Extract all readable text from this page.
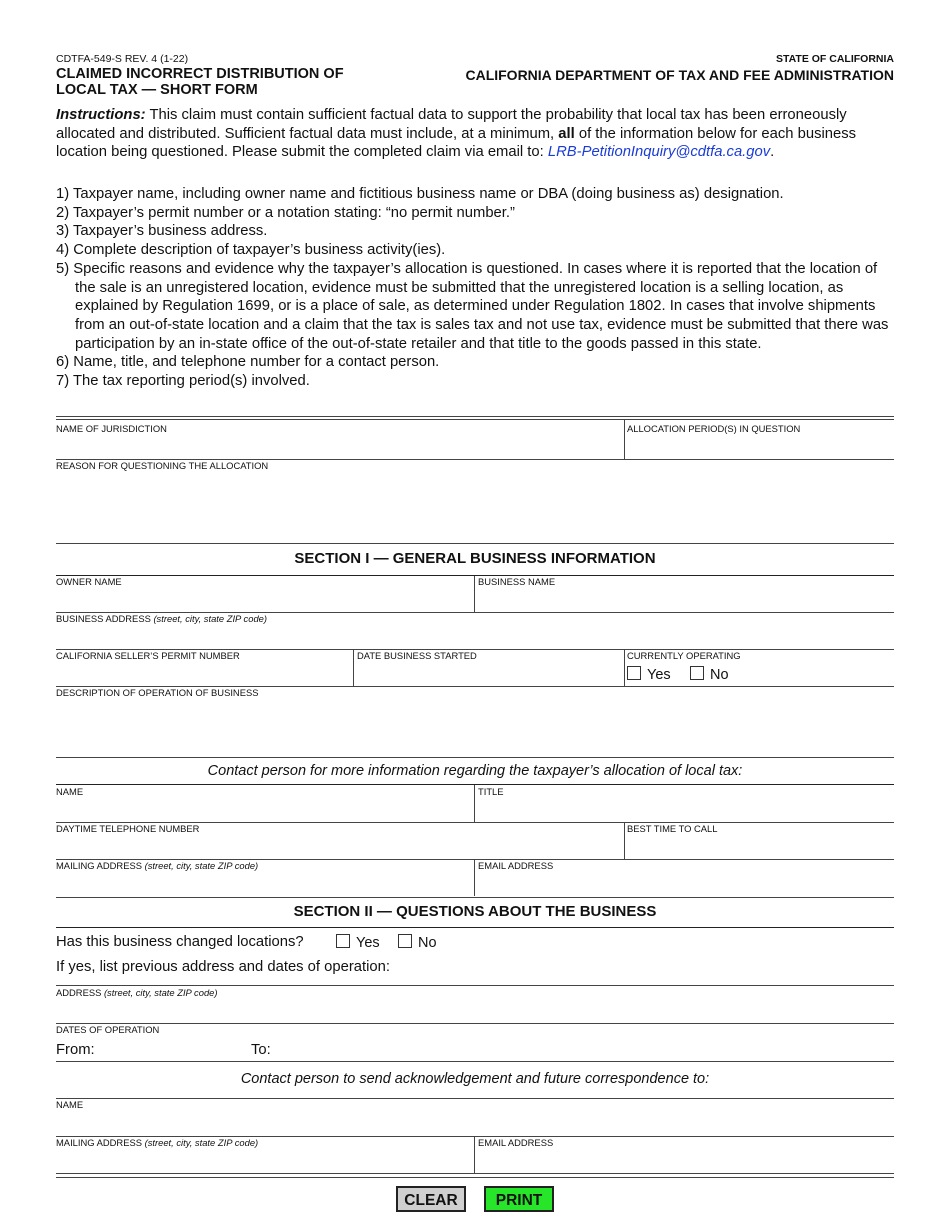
CDTFA-549-S REV. 4 (1-22)
CLAIMED INCORRECT DISTRIBUTION OF
LOCAL TAX — SHORT FORM
STATE OF CALIFORNIA
CALIFORNIA DEPARTMENT OF TAX AND FEE ADMINISTRATION
Instructions: This claim must contain sufficient factual data to support the probability that local tax has been erroneously allocated and distributed. Sufficient factual data must include, at a minimum, all of the information below for each business location being questioned. Please submit the completed claim via email to: LRB-PetitionInquiry@cdtfa.ca.gov.
1) Taxpayer name, including owner name and fictitious business name or DBA (doing business as) designation.
2) Taxpayer’s permit number or a notation stating: “no permit number.”
3) Taxpayer’s business address.
4) Complete description of taxpayer’s business activity(ies).
5) Specific reasons and evidence why the taxpayer’s allocation is questioned. In cases where it is reported that the location of the sale is an unregistered location, evidence must be submitted that the unregistered location is a selling location, as explained by Regulation 1699, or is a place of sale, as determined under Regulation 1802. In cases that involve shipments from an out-of-state location and a claim that the tax is sales tax and not use tax, evidence must be submitted that there was participation by an in-state office of the out-of-state retailer and that title to the goods passed in this state.
6) Name, title, and telephone number for a contact person.
7) The tax reporting period(s) involved.
NAME OF JURISDICTION	ALLOCATION PERIOD(S) IN QUESTION
REASON FOR QUESTIONING THE ALLOCATION
SECTION I — GENERAL BUSINESS INFORMATION
OWNER NAME	BUSINESS NAME
BUSINESS ADDRESS (street, city, state ZIP code)
CALIFORNIA SELLER’S PERMIT NUMBER	DATE BUSINESS STARTED	CURRENTLY OPERATING
Yes	No
DESCRIPTION OF OPERATION OF BUSINESS
Contact person for more information regarding the taxpayer’s allocation of local tax:
NAME	TITLE
DAYTIME TELEPHONE NUMBER	BEST TIME TO CALL
MAILING ADDRESS (street, city, state ZIP code)	EMAIL ADDRESS
SECTION II — QUESTIONS ABOUT THE BUSINESS
Has this business changed locations?	Yes	No
If yes, list previous address and dates of operation:
ADDRESS (street, city, state ZIP code)
DATES OF OPERATION
From:	To:
Contact person to send acknowledgement and future correspondence to:
NAME
MAILING ADDRESS (street, city, state ZIP code)	EMAIL ADDRESS
CLEAR	PRINT
